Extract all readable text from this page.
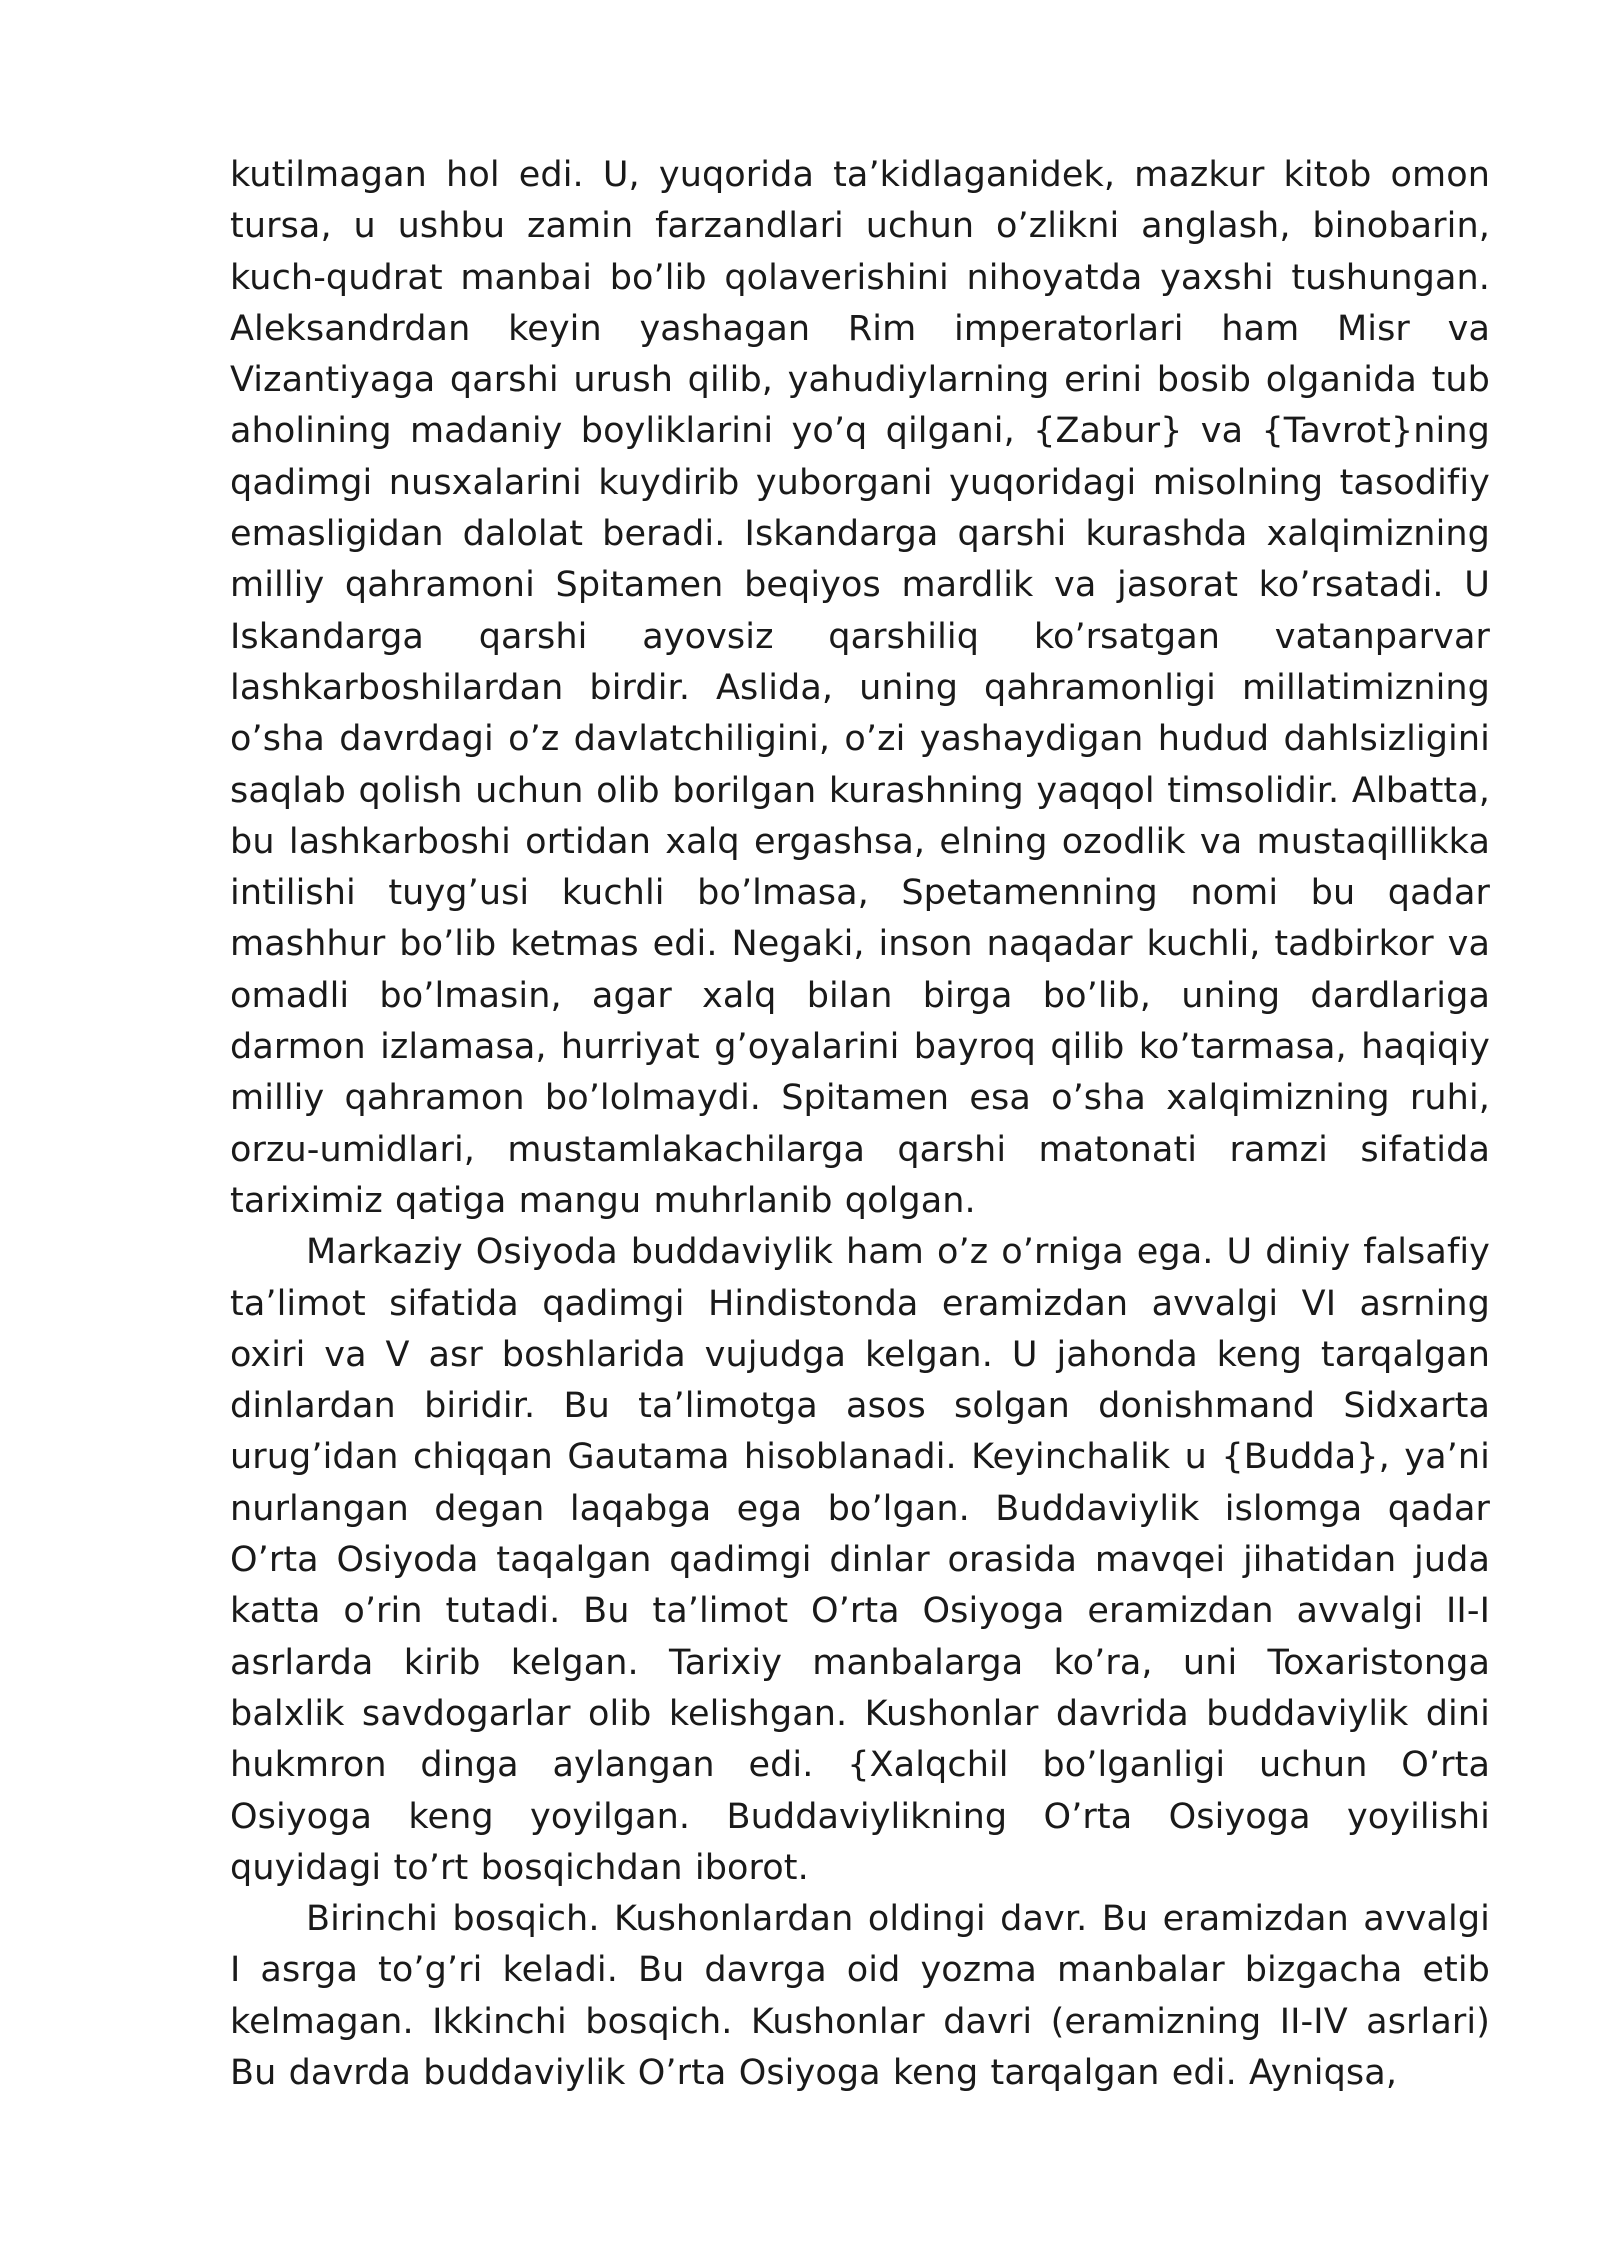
kutilmagan hol edi. U, yuqorida ta’kidlaganidek, mazkur kitob omon tursa, u ushbu zamin farzandlari uchun o’zlikni anglash, binobarin, kuch-qudrat manbai bo’lib qolaverishini nihoyatda yaxshi tushungan. Aleksandrdan keyin yashagan Rim imperatorlari ham Misr va Vizantiyaga qarshi urush qilib, yahudiylarning erini bosib olganida tub aholining madaniy boyliklarini yo’q qilgani, {Zabur} va {Tavrot}ning qadimgi nusxalarini kuydirib yuborgani yuqoridagi misolning tasodifiy emasligidan dalolat beradi. Iskandarga qarshi kurashda xalqimizning milliy qahramoni Spitamen beqiyos mardlik va jasorat ko’rsatadi. U Iskandarga qarshi ayovsiz qarshiliq ko’rsatgan vatanparvar lashkarboshilardan birdir. Aslida, uning qahramonligi millatimizning o’sha davrdagi o’z davlatchiligini, o’zi yashaydigan hudud dahlsizligini saqlab qolish uchun olib borilgan kurashning yaqqol timsolidir. Albatta, bu lashkarboshi ortidan xalq ergashsa, elning ozodlik va mustaqillikka intilishi tuyg’usi kuchli bo’lmasa, Spetamenning nomi bu qadar mashhur bo’lib ketmas edi. Negaki, inson naqadar kuchli, tadbirkor va omadli bo’lmasin, agar xalq bilan birga bo’lib, uning dardlariga darmon izlamasa, hurriyat g’oyalarini bayroq qilib ko’tarmasa, haqiqiy milliy qahramon bo’lolmaydi. Spitamen esa o’sha xalqimizning ruhi, orzu-umidlari, mustamlakachilarga qarshi matonati ramzi sifatida tariximiz qatiga mangu muhrlanib qolgan.

Markaziy Osiyoda buddaviylik ham o’z o’rniga ega. U diniy falsafiy ta’limot sifatida qadimgi Hindistonda eramizdan avvalgi VI asrning oxiri va V asr boshlarida vujudga kelgan. U jahonda keng tarqalgan dinlardan biridir. Bu ta’limotga asos solgan donishmand Sidxarta urug’idan chiqqan Gautama hisoblanadi. Keyinchalik u {Budda}, ya’ni nurlangan degan laqabga ega bo’lgan. Buddaviylik islomga qadar O’rta Osiyoda taqalgan qadimgi dinlar orasida mavqei jihatidan juda katta o’rin tutadi. Bu ta’limot O’rta Osiyoga eramizdan avvalgi II-I asrlarda kirib kelgan. Tarixiy manbalarga ko’ra, uni Toxaristonga balxlik savdogarlar olib kelishgan. Kushonlar davrida buddaviylik dini hukmron dinga aylangan edi. {Xalqchil bo’lganligi uchun O’rta Osiyoga keng yoyilgan. Buddaviylikning O’rta Osiyoga yoyilishi quyidagi to’rt bosqichdan iborot.

Birinchi bosqich. Kushonlardan oldingi davr. Bu eramizdan avvalgi I asrga to’g’ri keladi. Bu davrga oid yozma manbalar bizgacha etib kelmagan. Ikkinchi bosqich. Kushonlar davri (eramizning II-IV asrlari) Bu davrda buddaviylik O’rta Osiyoga keng tarqalgan edi. Ayniqsa,
